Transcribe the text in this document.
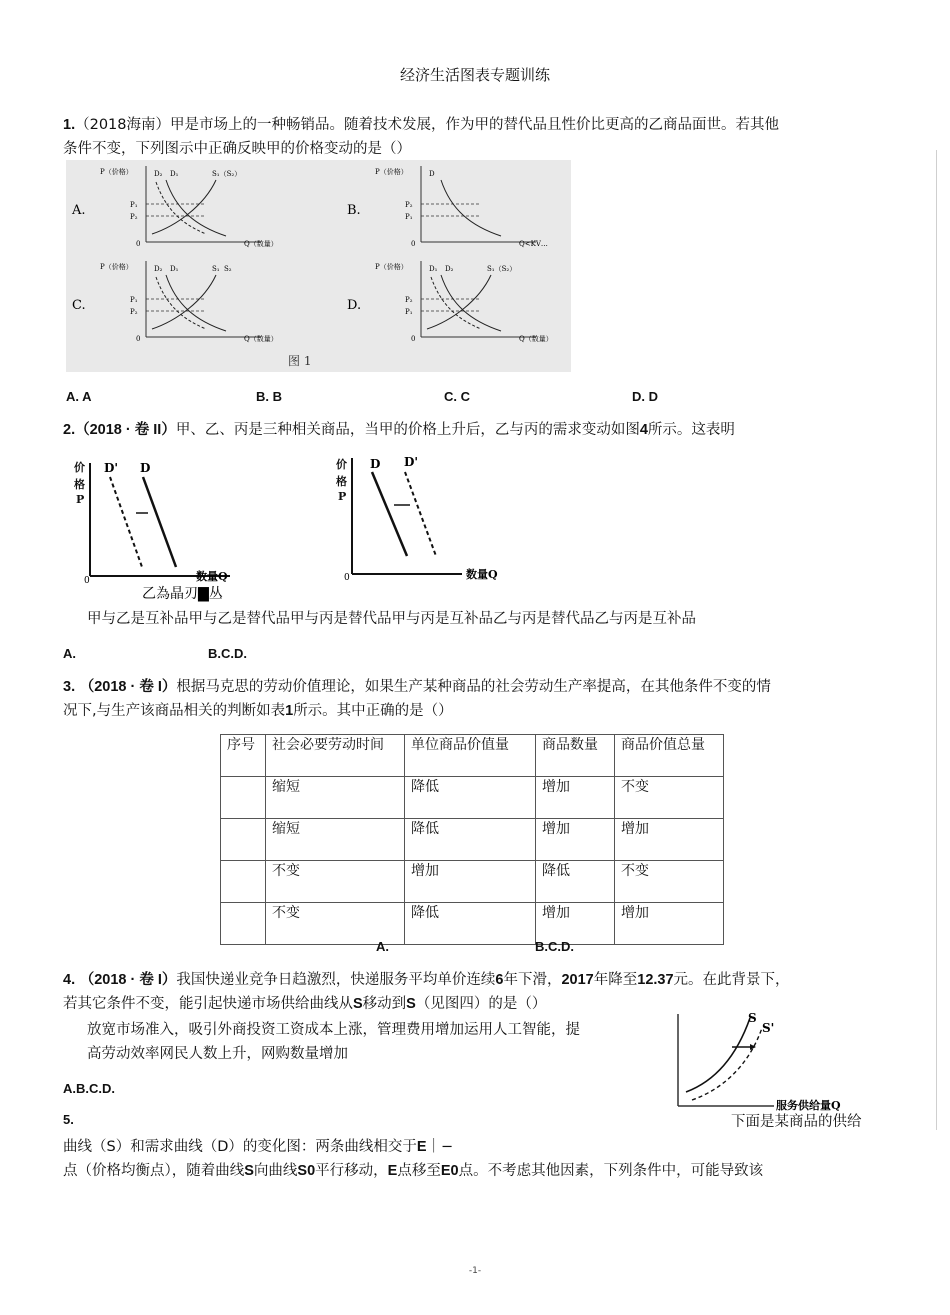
经济生活图表专题训练
1.（2018海南）甲是市场上的一种畅销品。随着技术发展，作为甲的替代品且性价比更高的乙商品面世。若其他
条件不变，下列图示中正确反映甲的价格变动的是（）
A.
P（价格）
0	Q（数量）
P₁
P₂
D₂ D₁	S₁（S₂）
B.
P（价格）
0	Q<KV…
P₂
P₁
D
C.
P（价格）
0	Q（数量）
P₁
P₂
D₂ D₁	S₁ S₂
D.
P（价格）
0	Q（数量）
P₂
P₁
D₁ D₂	S₁（S₂）
图 1
A. A	B. B	C. C	D. D
2.（2018 · 卷 II）甲、乙、丙是三种相关商品，当甲的价格上升后，乙与丙的需求变动如图4所示。这表明
价
格
P
0
D' D
数量Q
乙為晶刃▇丛
价
格
P
0
D D'
数量Q
甲与乙是互补品甲与乙是替代品甲与丙是替代品甲与丙是互补品乙与丙是替代品乙与丙是互补品
A.	B.C.D.
3. （2018 · 卷 I）根据马克思的劳动价值理论，如果生产某种商品的社会劳动生产率提高，在其他条件不变的情
况下,与生产该商品相关的判断如表1所示。其中正确的是（）
序号	社会必要劳动时间	单位商品价值量	商品数量	商品价值总量
	缩短	降低	增加	不变
	缩短	降低	增加	增加
	不变	增加	降低	不变
	不变	降低	增加	增加
A.	B.C.D.
4. （2018 · 卷 I）我国快递业竞争日趋激烈，快递服务平均单价连续6年下滑，2017年降至12.37元。在此背景下，
若其它条件不变，能引起快递市场供给曲线从S移动到S（见图四）的是（）
放宽市场准入，吸引外商投资工资成本上涨，管理费用增加运用人工智能，提
高劳动效率网民人数上升，网购数量增加
A.B.C.D.
S
S'
服务供给量Q
5.	下面是某商品的供给
曲线（S）和需求曲线（D）的变化图：两条曲线相交于E｜−
点（价格均衡点），随着曲线S向曲线S0平行移动，E点移至E0点。不考虑其他因素，下列条件中，可能导致该
-1-
